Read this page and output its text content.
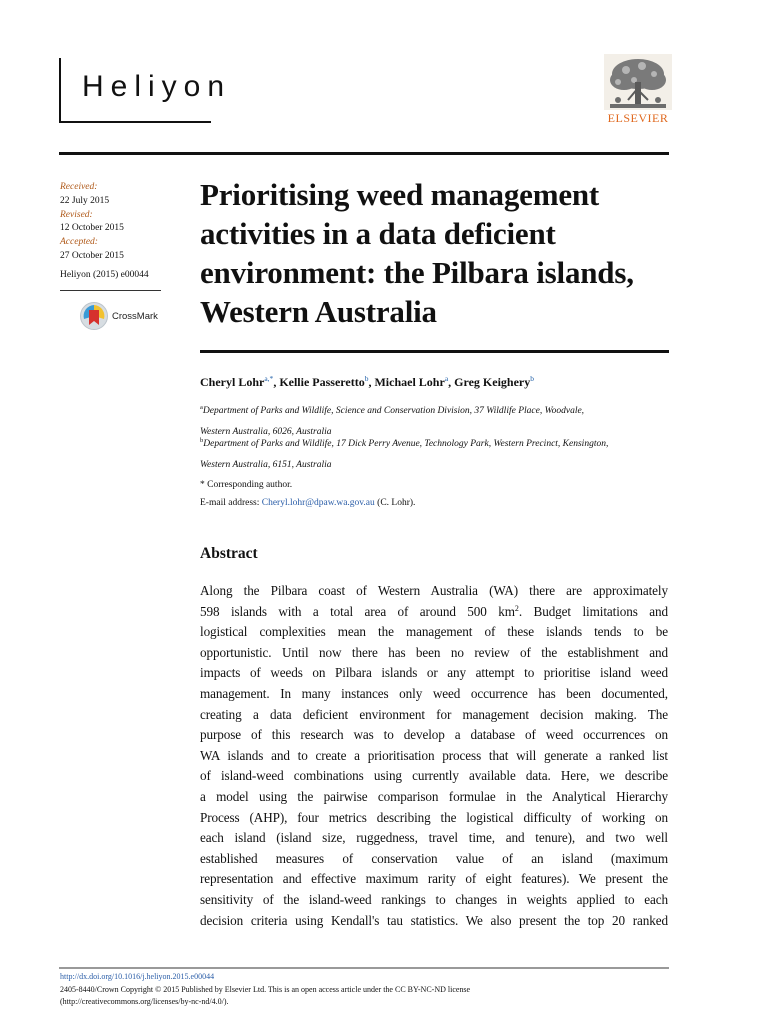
Heliyon
ELSEVIER
Received:
22 July 2015
Revised:
12 October 2015
Accepted:
27 October 2015
Heliyon (2015) e00044
CrossMark
Prioritising weed management activities in a data deficient environment: the Pilbara islands, Western Australia
Cheryl Lohr$^{a,*}$, Kellie Passeretto$^b$, Michael Lohr$^a$, Greg Keighery$^b$
$^a$Department of Parks and Wildlife, Science and Conservation Division, 37 Wildlife Place, Woodvale,
Western Australia, 6026, Australia
$^b$Department of Parks and Wildlife, 17 Dick Perry Avenue, Technology Park, Western Precinct, Kensington,
Western Australia, 6151, Australia
* Corresponding author.
E-mail address: Cheryl.lohr@dpaw.wa.gov.au (C. Lohr).
Abstract

Along the Pilbara coast of Western Australia (WA) there are approximately
598 islands with a total area of around 500 $km^2$. Budget limitations and
logistical complexities mean the management of these islands tends to be
opportunistic. Until now there has been no review of the establishment and
impacts of weeds on Pilbara islands or any attempt to prioritise island weed
management. In many instances only weed occurrence has been documented,
creating a data deficient environment for management decision making. The
purpose of this research was to develop a database of weed occurrences on
WA islands and to create a prioritisation process that will generate a ranked list
of island-weed combinations using currently available data. Here, we describe
a model using the pairwise comparison formulae in the Analytical Hierarchy
Process (AHP), four metrics describing the logistical difficulty of working on
each island (island size, ruggedness, travel time, and tenure), and two well
established measures of conservation value of an island (maximum
representation and effective maximum rarity of eight features). We present the
sensitivity of the island-weed rankings to changes in weights applied to each
decision criteria using Kendall's tau statistics. We also present the top 20 ranked

http://dx.doi.org/10.1016/j.heliyon.2015.e00044
2405-8440/Crown Copyright © 2015 Published by Elsevier Ltd. This is an open access article under the CC BY-NC-ND license
(http://creativecommons.org/licenses/by-nc-nd/4.0/).
